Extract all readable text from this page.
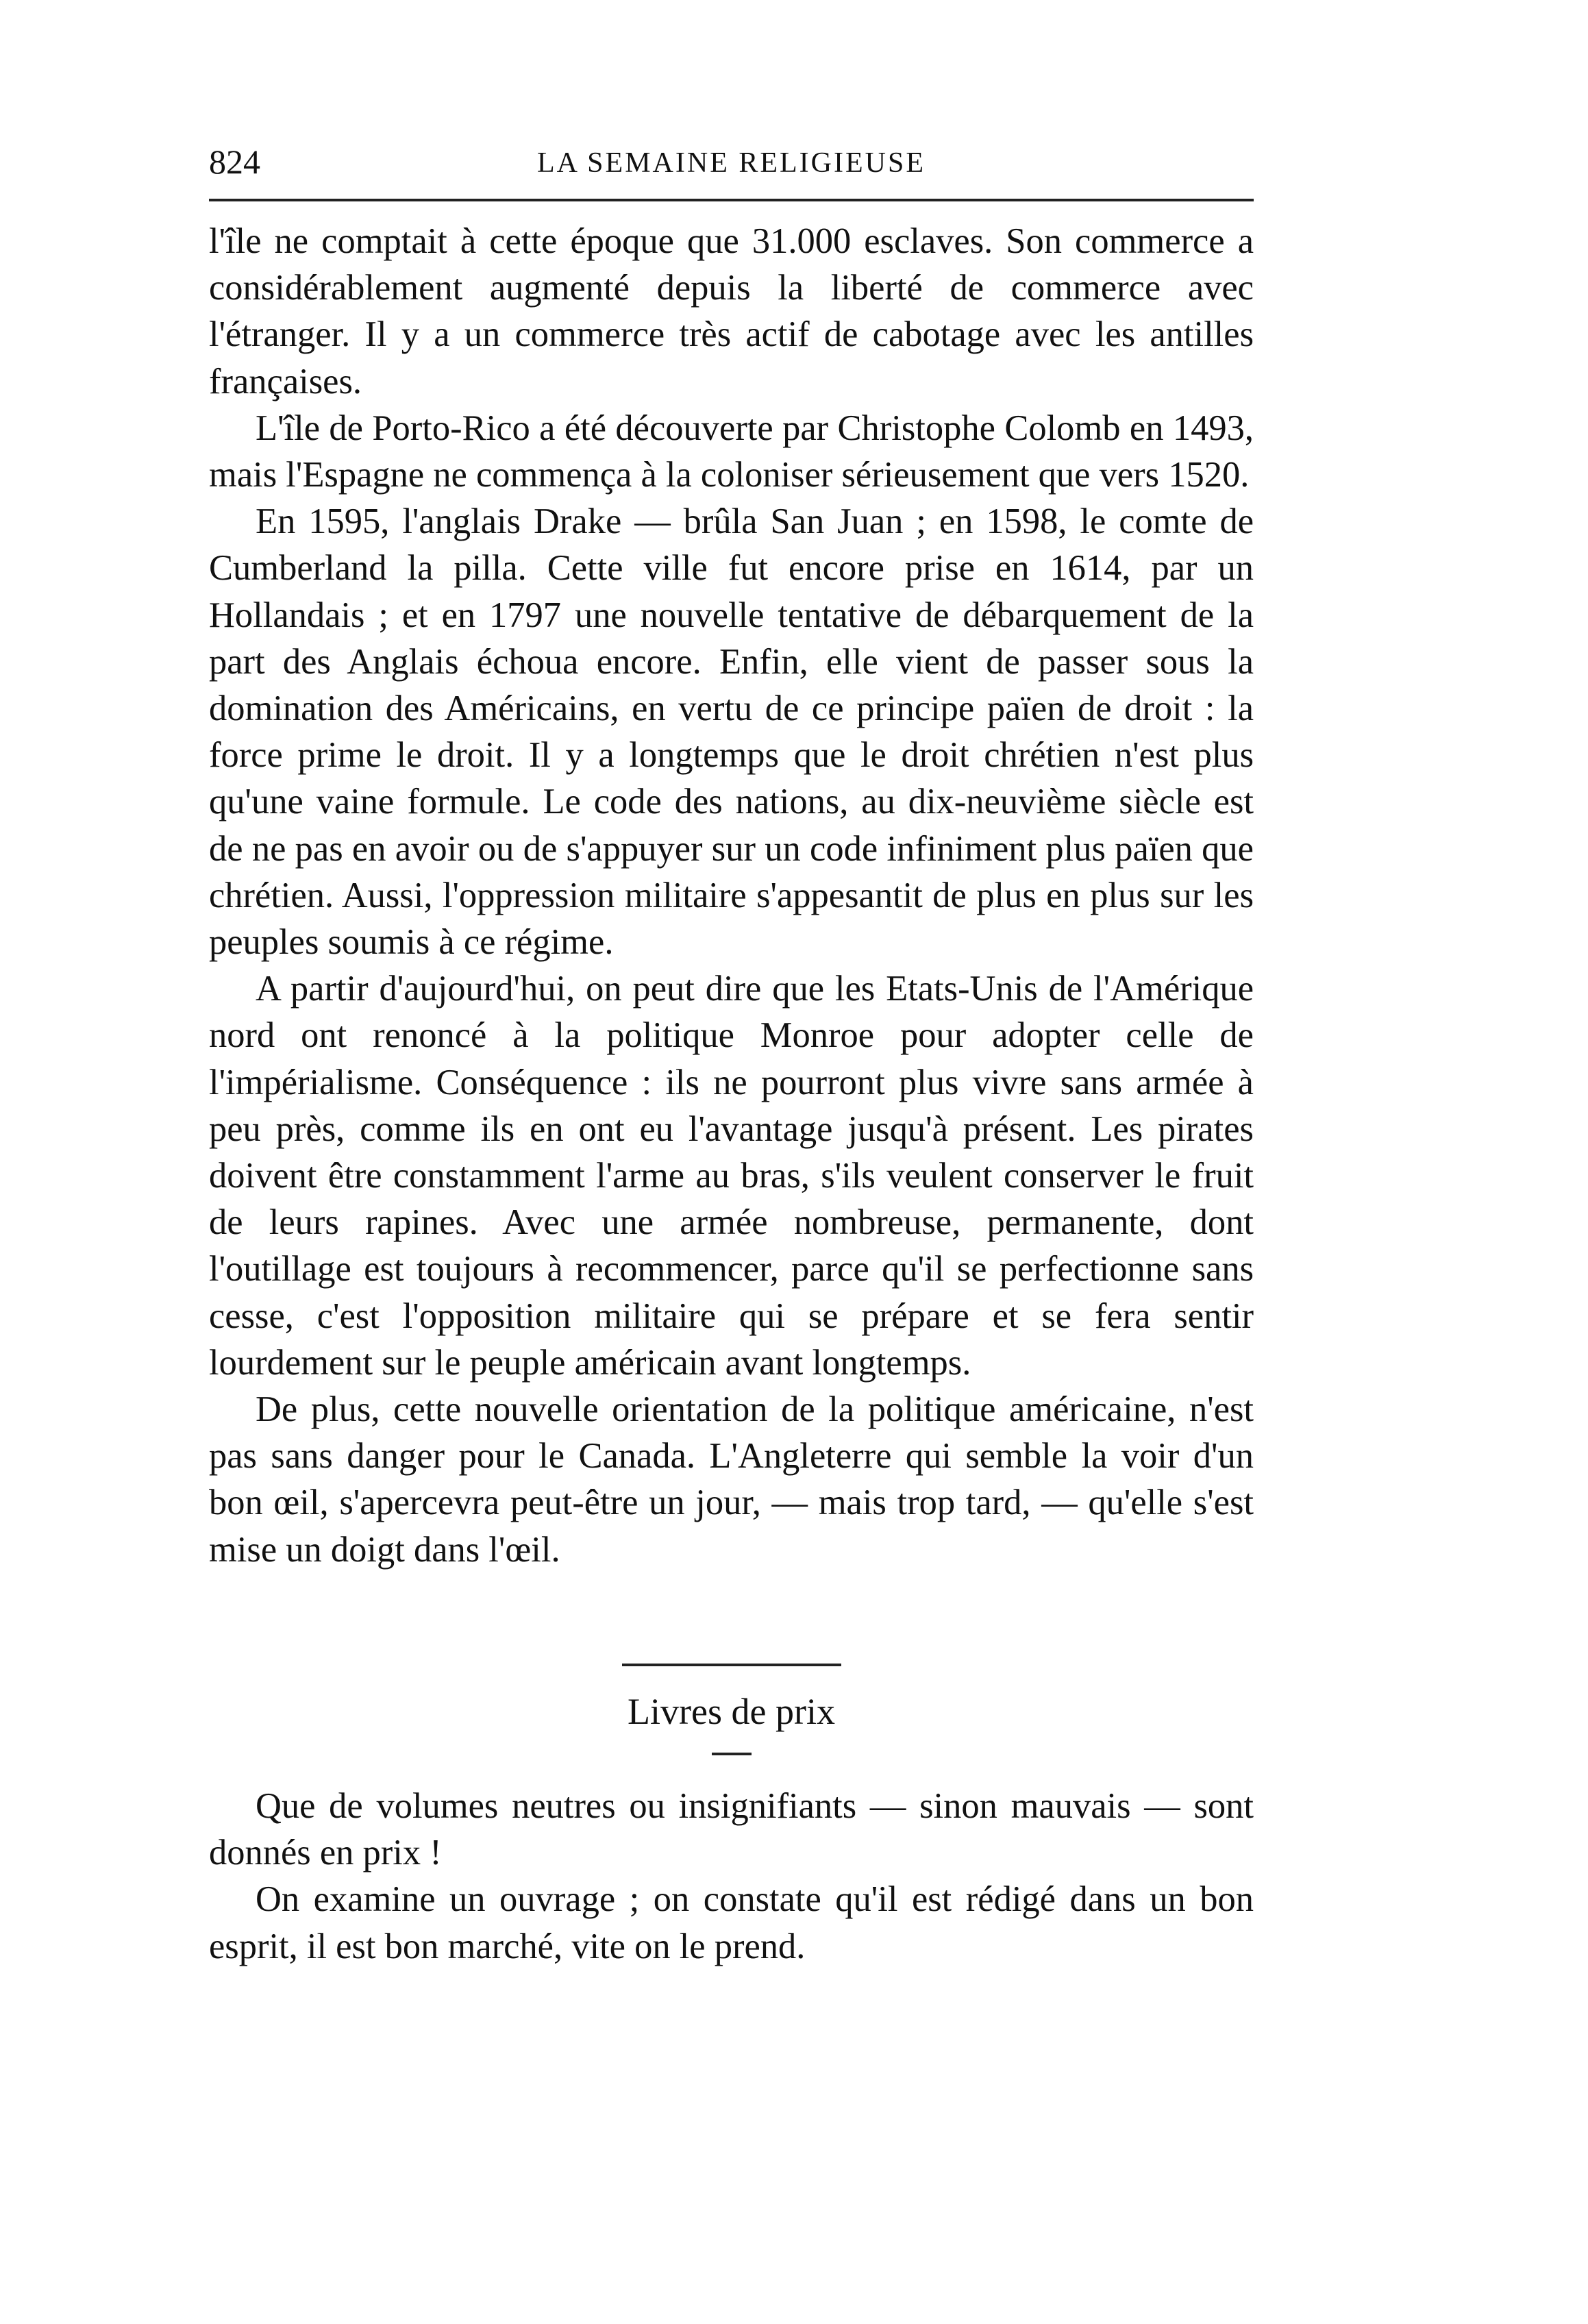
824	LA SEMAINE RELIGIEUSE

l'île ne comptait à cette époque que 31.000 esclaves. Son commerce a considérablement augmenté depuis la liberté de commerce avec l'étranger. Il y a un commerce très actif de cabotage avec les antilles françaises.

L'île de Porto-Rico a été découverte par Christophe Colomb en 1493, mais l'Espagne ne commença à la coloniser sérieusement que vers 1520.

En 1595, l'anglais Drake — brûla San Juan ; en 1598, le comte de Cumberland la pilla. Cette ville fut encore prise en 1614, par un Hollandais ; et en 1797 une nouvelle tentative de débarquement de la part des Anglais échoua encore. Enfin, elle vient de passer sous la domination des Américains, en vertu de ce principe païen de droit : la force prime le droit. Il y a longtemps que le droit chrétien n'est plus qu'une vaine formule. Le code des nations, au dix-neuvième siècle est de ne pas en avoir ou de s'appuyer sur un code infiniment plus païen que chrétien. Aussi, l'oppression militaire s'appesantit de plus en plus sur les peuples soumis à ce régime.

A partir d'aujourd'hui, on peut dire que les Etats-Unis de l'Amérique nord ont renoncé à la politique Monroe pour adopter celle de l'impérialisme. Conséquence : ils ne pourront plus vivre sans armée à peu près, comme ils en ont eu l'avantage jusqu'à présent. Les pirates doivent être constamment l'arme au bras, s'ils veulent conserver le fruit de leurs rapines. Avec une armée nombreuse, permanente, dont l'outillage est toujours à recommencer, parce qu'il se perfectionne sans cesse, c'est l'opposition militaire qui se prépare et se fera sentir lourdement sur le peuple américain avant longtemps.

De plus, cette nouvelle orientation de la politique américaine, n'est pas sans danger pour le Canada. L'Angleterre qui semble la voir d'un bon œil, s'apercevra peut-être un jour, — mais trop tard, — qu'elle s'est mise un doigt dans l'œil.

Livres de prix

Que de volumes neutres ou insignifiants — sinon mauvais — sont donnés en prix !

On examine un ouvrage ; on constate qu'il est rédigé dans un bon esprit, il est bon marché, vite on le prend.
